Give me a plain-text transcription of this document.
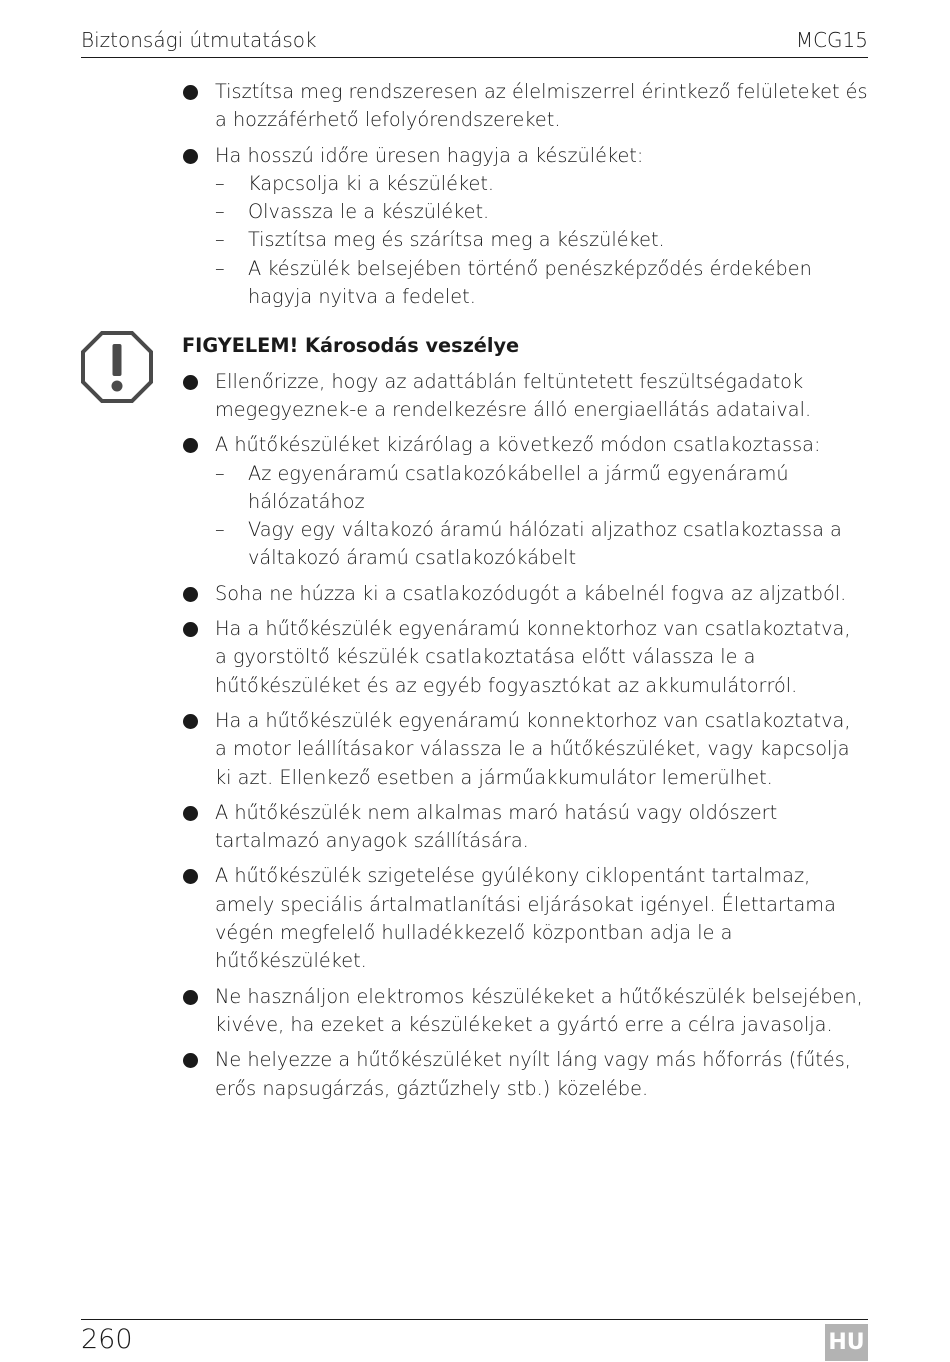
Biztonsági útmutatások	MCG15

Tisztítsa meg rendszeresen az élelmiszerrel érintkező felületeket és a hozzáférhető lefolyórendszereket.

Ha hosszú időre üresen hagyja a készüléket:

– Kapcsolja ki a készüléket.

– Olvassza le a készüléket.

– Tisztítsa meg és szárítsa meg a készüléket.

– A készülék belsejében történő penészképződés érdekében hagyja nyitva a fedelet.

FIGYELEM! Károsodás veszélye

Ellenőrizze, hogy az adattáblán feltüntetett feszültségadatok megegyeznek-e a rendelkezésre álló energiaellátás adataival.

A hűtőkészüléket kizárólag a következő módon csatlakoztassa:

– Az egyenáramú csatlakozókábellel a jármű egyenáramú hálózatához

– Vagy egy váltakozó áramú hálózati aljzathoz csatlakoztassa a váltakozó áramú csatlakozókábelt

Soha ne húzza ki a csatlakozódugót a kábelnél fogva az aljzatból.

Ha a hűtőkészülék egyenáramú konnektorhoz van csatlakoztatva, a gyorstöltő készülék csatlakoztatása előtt válassza le a hűtőkészüléket és az egyéb fogyasztókat az akkumulátorról.

Ha a hűtőkészülék egyenáramú konnektorhoz van csatlakoztatva, a motor leállításakor válassza le a hűtőkészüléket, vagy kapcsolja ki azt. Ellenkező esetben a járműakkumulátor lemerülhet.

A hűtőkészülék nem alkalmas maró hatású vagy oldószert tartalmazó anyagok szállítására.

A hűtőkészülék szigetelése gyúlékony ciklopentánt tartalmaz, amely speciális ártalmatlanítási eljárásokat igényel. Élettartama végén megfelelő hulladékkezelő központban adja le a hűtőkészüléket.

Ne használjon elektromos készülékeket a hűtőkészülék belsejében, kivéve, ha ezeket a készülékeket a gyártó erre a célra javasolja.

Ne helyezze a hűtőkészüléket nyílt láng vagy más hőforrás (fűtés, erős napsugárzás, gáztűzhely stb.) közelébe.

260	HU
